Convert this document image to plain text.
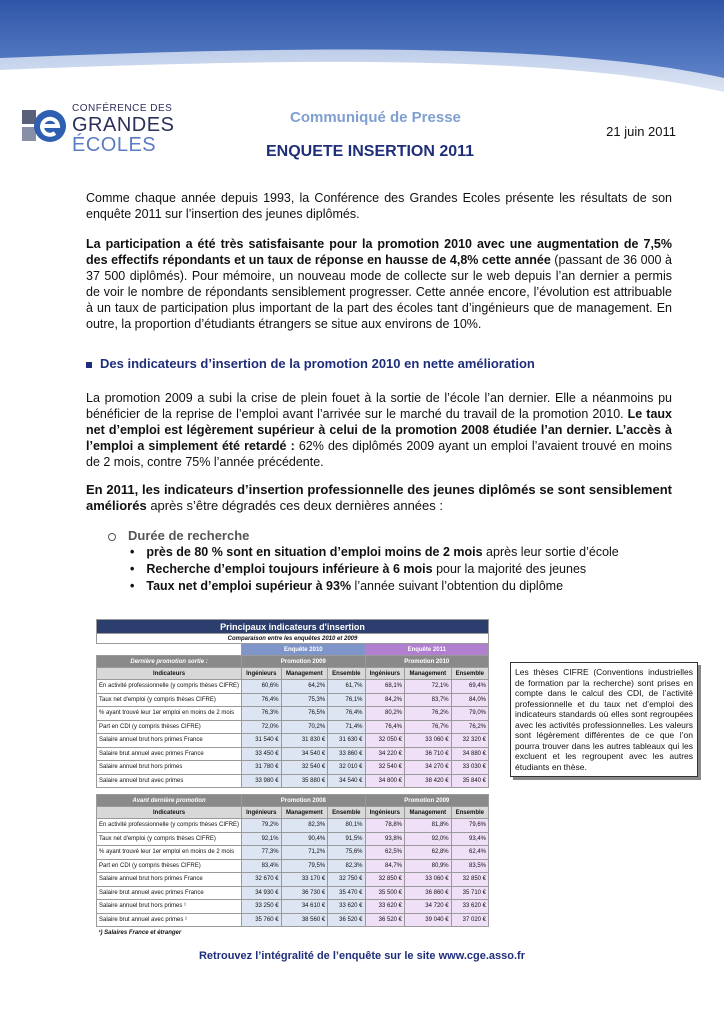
CONFÉRENCE DES
GRANDES
ÉCOLES
Communiqué de Presse
21 juin 2011
ENQUETE INSERTION 2011
Comme chaque année depuis 1993, la Conférence des Grandes Ecoles présente les résultats de son enquête 2011 sur l’insertion des jeunes diplômés.
La participation a été très satisfaisante pour la promotion 2010 avec une augmentation de 7,5% des effectifs répondants et un taux de réponse en hausse de 4,8% cette année (passant de 36 000 à 37 500 diplômés). Pour mémoire, un nouveau mode de collecte sur le web depuis l’an dernier a permis de voir le nombre de répondants sensiblement progresser. Cette année encore, l’évolution est attribuable à un taux de participation plus important de la part des écoles tant d’ingénieurs que de management. En outre, la proportion d’étudiants étrangers se situe aux environs de 10%.
Des indicateurs d’insertion de la promotion 2010 en nette amélioration
La promotion 2009 a subi la crise de plein fouet à la sortie de l’école l’an dernier. Elle a néanmoins pu bénéficier de la reprise de l’emploi avant l’arrivée sur le marché du travail de la promotion 2010. Le taux net d’emploi est légèrement supérieur à celui de la promotion 2008 étudiée l’an dernier. L’accès à l’emploi a simplement été retardé : 62% des diplômés 2009 ayant un emploi l’avaient trouvé en moins de 2 mois, contre 75% l’année précédente.
En 2011, les indicateurs d’insertion professionnelle des jeunes diplômés se sont sensiblement améliorés après s’être dégradés ces deux dernières années :
Durée de recherche
• près de 80 % sont en situation d’emploi moins de 2 mois après leur sortie d’école
• Recherche d’emploi toujours inférieure à 6 mois pour la majorité des jeunes
• Taux net d’emploi supérieur à 93% l’année suivant l’obtention du diplôme
Principaux indicateurs d'insertion						
Comparaison entre les enquêtes 2010 et 2009						
	Enquête 2010			Enquête 2011		
Dernière promotion sortie :	Promotion 2009			Promotion 2010		
Indicateurs	Ingénieurs	Management	Ensemble	Ingénieurs	Management	Ensemble
En activité professionnelle (y compris thèses CIFRE)	60,6%	64,2%	61,7%	68,1%	72,1%	69,4%
Taux net d'emploi (y compris thèses CIFRE)	76,4%	75,3%	76,1%	84,2%	83,7%	84,0%
% ayant trouvé leur 1er emploi en moins de 2 mois	76,3%	76,5%	76,4%	80,2%	76,2%	79,0%
Part en CDI (y compris thèses CIFRE)	72,0%	70,2%	71,4%	76,4%	76,7%	76,2%
Salaire annuel brut hors primes France	31 540 €	31 830 €	31 630 €	32 050 €	33 060 €	32 320 €
Salaire brut annuel avec primes France	33 450 €	34 540 €	33 860 €	34 220 €	36 710 €	34 880 €
Salaire annuel brut hors primes	31 780 €	32 540 €	32 010 €	32 540 €	34 270 €	33 030 €
Salaire annuel brut avec primes	33 980 €	35 880 €	34 540 €	34 800 €	38 420 €	35 840 €

Avant dernière promotion	Promotion 2008			Promotion 2009		
Indicateurs	Ingénieurs	Management	Ensemble	Ingénieurs	Management	Ensemble
En activité professionnelle (y compris thèses CIFRE)	79,2%	82,3%	80,1%	78,8%	81,8%	79,6%
Taux net d'emploi (y compris thèses CIFRE)	92,1%	90,4%	91,5%	93,8%	92,0%	93,4%
% ayant trouvé leur 1er emploi en moins de 2 mois	77,3%	71,2%	75,6%	62,5%	62,8%	62,4%
Part en CDI (y compris thèses CIFRE)	83,4%	79,5%	82,3%	84,7%	80,9%	83,5%
Salaire annuel brut hors primes France	32 670 €	33 170 €	32 750 €	32 850 €	33 060 €	32 850 €
Salaire brut annuel avec primes France	34 930 €	36 730 €	35 470 €	35 500 €	36 860 €	35 710 €
Salaire annuel brut hors primes ¹	33 250 €	34 610 €	33 620 €	33 620 €	34 720 €	33 620 €
Salaire brut annuel avec primes ¹	35 760 €	38 560 €	36 520 €	36 520 €	39 040 €	37 020 €
¹) Salaires France et étranger						
Les thèses CIFRE (Conventions industrielles de formation par la recherche) sont prises en compte dans le calcul des CDI, de l’activité professionnelle et du taux net d’emploi des indicateurs standards où elles sont regroupées avec les activités professionnelles. Les valeurs sont légèrement différentes de ce que l’on pourra trouver dans les autres tableaux qui les excluent et les regroupent avec les autres étudiants en thèse.
Retrouvez l’intégralité de l’enquête sur le site www.cge.asso.fr
